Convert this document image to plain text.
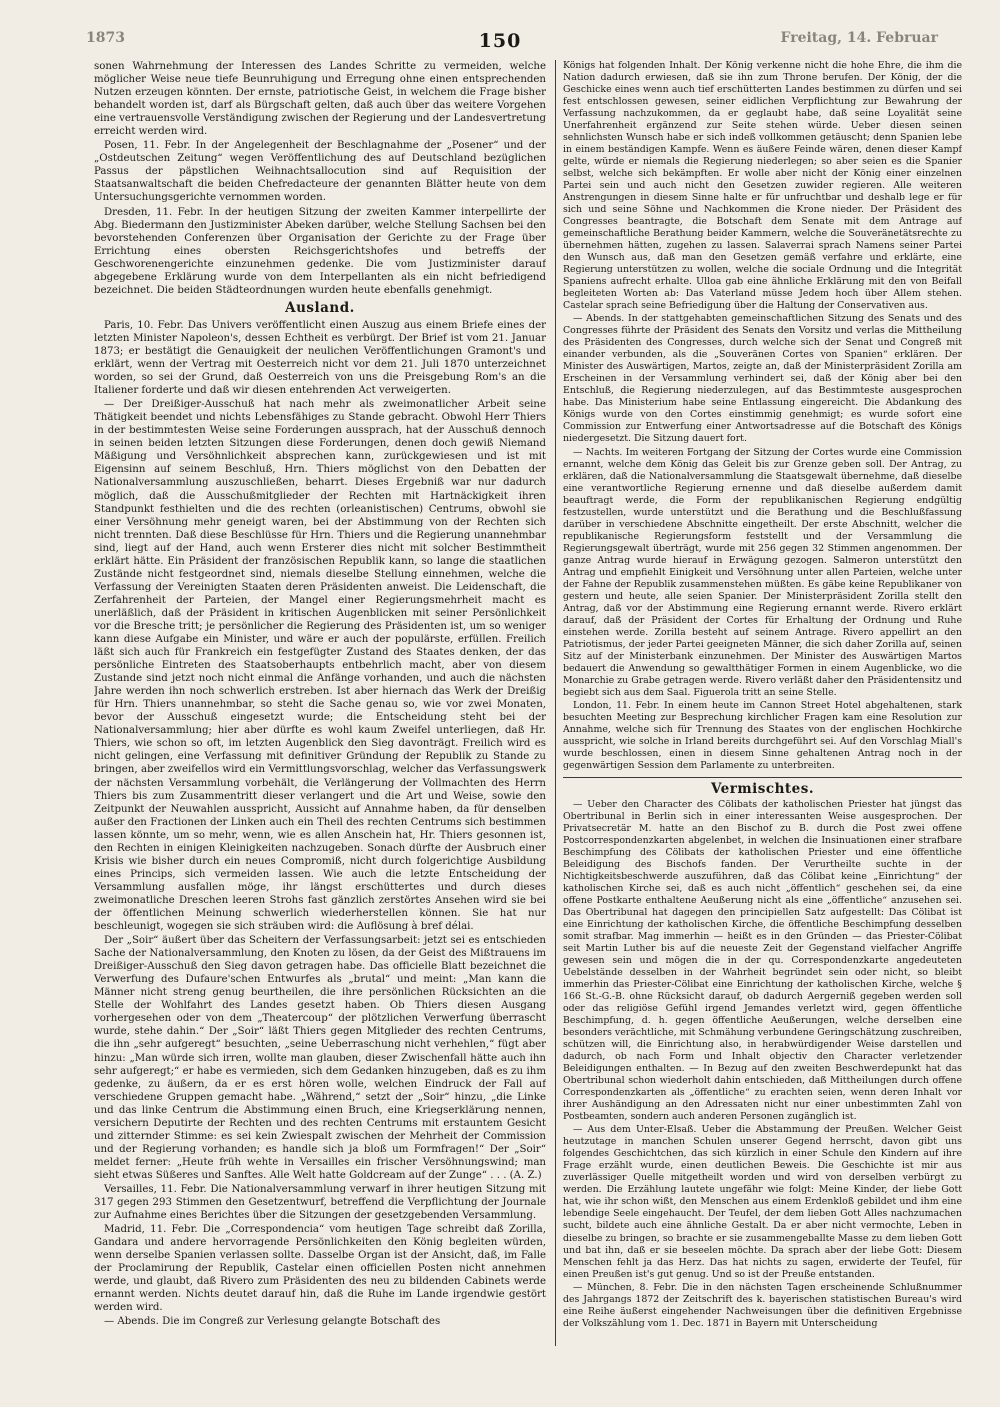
1873	150	Freitag, 14. Februar

sonen Wahrnehmung der Interessen des Landes Schritte zu vermeiden, welche möglicher Weise neue tiefe Beunruhigung und Erregung ohne einen entsprechenden Nutzen erzeugen könnten. Der ernste, patriotische Geist, in welchem die Frage bisher behandelt worden ist, darf als Bürgschaft gelten, daß auch über das weitere Vorgehen eine vertrauensvolle Verständigung zwischen der Regierung und der Landesvertretung erreicht werden wird.

Posen, 11. Febr. In der Angelegenheit der Beschlagnahme der „Posener“ und der „Ostdeutschen Zeitung“ wegen Veröffentlichung des auf Deutschland bezüglichen Passus der päpstlichen Weihnachtsallocution sind auf Requisition der Staatsanwaltschaft die beiden Chefredacteure der genannten Blätter heute von dem Untersuchungsgerichte vernommen worden.

Dresden, 11. Febr. In der heutigen Sitzung der zweiten Kammer interpellirte der Abg. Biedermann den Justizminister Abeken darüber, welche Stellung Sachsen bei den bevorstehenden Conferenzen über Organisation der Gerichte zu der Frage über Errichtung eines obersten Reichsgerichtshofes und betreffs der Geschworenengerichte einzunehmen gedenke. Die vom Justizminister darauf abgegebene Erklärung wurde von dem Interpellanten als ein nicht befriedigend bezeichnet. Die beiden Städteordnungen wurden heute ebenfalls genehmigt.

Ausland.

Paris, 10. Febr. Das Univers veröffentlicht einen Auszug aus einem Briefe eines der letzten Minister Napoleon's, dessen Echtheit es verbürgt. Der Brief ist vom 21. Januar 1873; er bestätigt die Genauigkeit der neulichen Veröffentlichungen Gramont's und erklärt, wenn der Vertrag mit Oesterreich nicht vor dem 21. Juli 1870 unterzeichnet worden, so sei der Grund, daß Oesterreich von uns die Preisgebung Rom's an die Italiener forderte und daß wir diesen entehrenden Act verweigerten.

— Der Dreißiger-Ausschuß hat nach mehr als zweimonatlicher Arbeit seine Thätigkeit beendet und nichts Lebensfähiges zu Stande gebracht. Obwohl Herr Thiers in der bestimmtesten Weise seine Forderungen aussprach, hat der Ausschuß dennoch in seinen beiden letzten Sitzungen diese Forderungen, denen doch gewiß Niemand Mäßigung und Versöhnlichkeit absprechen kann, zurückgewiesen und ist mit Eigensinn auf seinem Beschluß, Hrn. Thiers möglichst von den Debatten der Nationalversammlung auszuschließen, beharrt. Dieses Ergebniß war nur dadurch möglich, daß die Ausschußmitglieder der Rechten mit Hartnäckigkeit ihren Standpunkt festhielten und die des rechten (orleanistischen) Centrums, obwohl sie einer Versöhnung mehr geneigt waren, bei der Abstimmung von der Rechten sich nicht trennten. Daß diese Beschlüsse für Hrn. Thiers und die Regierung unannehmbar sind, liegt auf der Hand, auch wenn Ersterer dies nicht mit solcher Bestimmtheit erklärt hätte. Ein Präsident der französischen Republik kann, so lange die staatlichen Zustände nicht festgeordnet sind, niemals dieselbe Stellung einnehmen, welche die Verfassung der Vereinigten Staaten deren Präsidenten anweist. Die Leidenschaft, die Zerfahrenheit der Parteien, der Mangel einer Regierungsmehrheit macht es unerläßlich, daß der Präsident in kritischen Augenblicken mit seiner Persönlichkeit vor die Bresche tritt; je persönlicher die Regierung des Präsidenten ist, um so weniger kann diese Aufgabe ein Minister, und wäre er auch der populärste, erfüllen. Freilich läßt sich auch für Frankreich ein festgefügter Zustand des Staates denken, der das persönliche Eintreten des Staatsoberhaupts entbehrlich macht, aber von diesem Zustande sind jetzt noch nicht einmal die Anfänge vorhanden, und auch die nächsten Jahre werden ihn noch schwerlich erstreben. Ist aber hiernach das Werk der Dreißig für Hrn. Thiers unannehmbar, so steht die Sache genau so, wie vor zwei Monaten, bevor der Ausschuß eingesetzt wurde; die Entscheidung steht bei der Nationalversammlung; hier aber dürfte es wohl kaum Zweifel unterliegen, daß Hr. Thiers, wie schon so oft, im letzten Augenblick den Sieg davonträgt. Freilich wird es nicht gelingen, eine Verfassung mit definitiver Gründung der Republik zu Stande zu bringen, aber zweifellos wird ein Vermittlungsvorschlag, welcher das Verfassungswerk der nächsten Versammlung vorbehält, die Verlängerung der Vollmachten des Herrn Thiers bis zum Zusammentritt dieser verlangert und die Art und Weise, sowie den Zeitpunkt der Neuwahlen ausspricht, Aussicht auf Annahme haben, da für denselben außer den Fractionen der Linken auch ein Theil des rechten Centrums sich bestimmen lassen könnte, um so mehr, wenn, wie es allen Anschein hat, Hr. Thiers gesonnen ist, den Rechten in einigen Kleinigkeiten nachzugeben. Sonach dürfte der Ausbruch einer Krisis wie bisher durch ein neues Compromiß, nicht durch folgerichtige Ausbildung eines Princips, sich vermeiden lassen. Wie auch die letzte Entscheidung der Versammlung ausfallen möge, ihr längst erschüttertes und durch dieses zweimonatliche Dreschen leeren Strohs fast gänzlich zerstörtes Ansehen wird sie bei der öffentlichen Meinung schwerlich wiederherstellen können. Sie hat nur beschleunigt, wogegen sie sich sträuben wird: die Auflösung à bref délai.

Der „Soir“ äußert über das Scheitern der Verfassungsarbeit: jetzt sei es entschieden Sache der Nationalversammlung, den Knoten zu lösen, da der Geist des Mißtrauens im Dreißiger-Ausschuß den Sieg davon getragen habe. Das officielle Blatt bezeichnet die Verwerfung des Dufaure'schen Entwurfes als „brutal“ und meint: „Man kann die Männer nicht streng genug beurtheilen, die ihre persönlichen Rücksichten an die Stelle der Wohlfahrt des Landes gesetzt haben. Ob Thiers diesen Ausgang vorhergesehen oder von dem „Theatercoup“ der plötzlichen Verwerfung überrascht wurde, stehe dahin.“ Der „Soir“ läßt Thiers gegen Mitglieder des rechten Centrums, die ihn „sehr aufgeregt“ besuchten, „seine Ueberraschung nicht verhehlen,“ fügt aber hinzu: „Man würde sich irren, wollte man glauben, dieser Zwischenfall hätte auch ihn sehr aufgeregt;“ er habe es vermieden, sich dem Gedanken hinzugeben, daß es zu ihm gedenke, zu äußern, da er es erst hören wolle, welchen Eindruck der Fall auf verschiedene Gruppen gemacht habe. „Während,“ setzt der „Soir“ hinzu, „die Linke und das linke Centrum die Abstimmung einen Bruch, eine Kriegserklärung nennen, versichern Deputirte der Rechten und des rechten Centrums mit erstauntem Gesicht und zitternder Stimme: es sei kein Zwiespalt zwischen der Mehrheit der Commission und der Regierung vorhanden; es handle sich ja bloß um Formfragen!“ Der „Soir“ meldet ferner: „Heute früh wehte in Versailles ein frischer Versöhnungswind; man sieht etwas Süßeres und Sanftes. Alle Welt hatte Goldcream auf der Zunge“ . . . (A. Z.)

Versailles, 11. Febr. Die Nationalversammlung verwarf in ihrer heutigen Sitzung mit 317 gegen 293 Stimmen den Gesetzentwurf, betreffend die Verpflichtung der Journale zur Aufnahme eines Berichtes über die Sitzungen der gesetzgebenden Versammlung.

Madrid, 11. Febr. Die „Correspondencia“ vom heutigen Tage schreibt daß Zorilla, Gandara und andere hervorragende Persönlichkeiten den König begleiten würden, wenn derselbe Spanien verlassen sollte. Dasselbe Organ ist der Ansicht, daß, im Falle der Proclamirung der Republik, Castelar einen officiellen Posten nicht annehmen werde, und glaubt, daß Rivero zum Präsidenten des neu zu bildenden Cabinets werde ernannt werden. Nichts deutet darauf hin, daß die Ruhe im Lande irgendwie gestört werden wird.

— Abends. Die im Congreß zur Verlesung gelangte Botschaft des

Königs hat folgenden Inhalt. Der König verkenne nicht die hohe Ehre, die ihm die Nation dadurch erwiesen, daß sie ihn zum Throne berufen. Der König, der die Geschicke eines wenn auch tief erschütterten Landes bestimmen zu dürfen und sei fest entschlossen gewesen, seiner eidlichen Verpflichtung zur Bewahrung der Verfassung nachzukommen, da er geglaubt habe, daß seine Loyalität seine Unerfahrenheit ergänzend zur Seite stehen würde. Ueber diesen seinen sehnlichsten Wunsch habe er sich indeß vollkommen getäuscht; denn Spanien lebe in einem beständigen Kampfe. Wenn es äußere Feinde wären, denen dieser Kampf gelte, würde er niemals die Regierung niederlegen; so aber seien es die Spanier selbst, welche sich bekämpften. Er wolle aber nicht der König einer einzelnen Partei sein und auch nicht den Gesetzen zuwider regieren. Alle weiteren Anstrengungen in diesem Sinne halte er für unfruchtbar und deshalb lege er für sich und seine Söhne und Nachkommen die Krone nieder. Der Präsident des Congresses beantragte, die Botschaft dem Senate mit dem Antrage auf gemeinschaftliche Berathung beider Kammern, welche die Souveränetätsrechte zu übernehmen hätten, zugehen zu lassen. Salaverrai sprach Namens seiner Partei den Wunsch aus, daß man den Gesetzen gemäß verfahre und erklärte, eine Regierung unterstützen zu wollen, welche die sociale Ordnung und die Integrität Spaniens aufrecht erhalte. Ulloa gab eine ähnliche Erklärung mit den von Beifall begleiteten Worten ab: Das Vaterland müsse Jedem hoch über Allem stehen. Castelar sprach seine Befriedigung über die Haltung der Conservativen aus.

— Abends. In der stattgehabten gemeinschaftlichen Sitzung des Senats und des Congresses führte der Präsident des Senats den Vorsitz und verlas die Mittheilung des Präsidenten des Congresses, durch welche sich der Senat und Congreß mit einander verbunden, als die „Souveränen Cortes von Spanien“ erklären. Der Minister des Auswärtigen, Martos, zeigte an, daß der Ministerpräsident Zorilla am Erscheinen in der Versammlung verhindert sei, daß der König aber bei den Entschluß, die Regierung niederzulegen, auf das Bestimmteste ausgesprochen habe. Das Ministerium habe seine Entlassung eingereicht. Die Abdankung des Königs wurde von den Cortes einstimmig genehmigt; es wurde sofort eine Commission zur Entwerfung einer Antwortsadresse auf die Botschaft des Königs niedergesetzt. Die Sitzung dauert fort.

— Nachts. Im weiteren Fortgang der Sitzung der Cortes wurde eine Commission ernannt, welche dem König das Geleit bis zur Grenze geben soll. Der Antrag, zu erklären, daß die Nationalversammlung die Staatsgewalt übernehme, daß dieselbe eine verantwortliche Regierung ernenne und daß dieselbe außerdem damit beauftragt werde, die Form der republikanischen Regierung endgültig festzustellen, wurde unterstützt und die Berathung und die Beschlußfassung darüber in verschiedene Abschnitte eingetheilt. Der erste Abschnitt, welcher die republikanische Regierungsform feststellt und der Versammlung die Regierungsgewalt überträgt, wurde mit 256 gegen 32 Stimmen angenommen. Der ganze Antrag wurde hierauf in Erwägung gezogen. Salmeron unterstützt den Antrag und empfiehlt Einigkeit und Versöhnung unter allen Parteien, welche unter der Fahne der Republik zusammenstehen müßten. Es gäbe keine Republikaner von gestern und heute, alle seien Spanier. Der Ministerpräsident Zorilla stellt den Antrag, daß vor der Abstimmung eine Regierung ernannt werde. Rivero erklärt darauf, daß der Präsident der Cortes für Erhaltung der Ordnung und Ruhe einstehen werde. Zorilla besteht auf seinem Antrage. Rivero appellirt an den Patriotismus, der jeder Partei geeigneten Männer, die sich daher Zorilla auf, seinen Sitz auf der Ministerbank einzunehmen. Der Minister des Auswärtigen Martos bedauert die Anwendung so gewaltthätiger Formen in einem Augenblicke, wo die Monarchie zu Grabe getragen werde. Rivero verläßt daher den Präsidentensitz und begiebt sich aus dem Saal. Figuerola tritt an seine Stelle.

London, 11. Febr. In einem heute im Cannon Street Hotel abgehaltenen, stark besuchten Meeting zur Besprechung kirchlicher Fragen kam eine Resolution zur Annahme, welche sich für Trennung des Staates von der englischen Hochkirche ausspricht, wie solche in Irland bereits durchgeführt sei. Auf den Vorschlag Miall's wurde beschlossen, einen in diesem Sinne gehaltenen Antrag noch in der gegenwärtigen Session dem Parlamente zu unterbreiten.

Vermischtes.

— Ueber den Character des Cölibats der katholischen Priester hat jüngst das Obertribunal in Berlin sich in einer interessanten Weise ausgesprochen. Der Privatsecretär M. hatte an den Bischof zu B. durch die Post zwei offene Postcorrespondenzkarten abgelenbet, in welchen die Insinuationen einer strafbare Beschimpfung des Cölibats der katholischen Priester und eine öffentliche Beleidigung des Bischofs fanden. Der Verurtheilte suchte in der Nichtigkeitsbeschwerde auszuführen, daß das Cölibat keine „Einrichtung“ der katholischen Kirche sei, daß es auch nicht „öffentlich“ geschehen sei, da eine offene Postkarte enthaltene Aeußerung nicht als eine „öffentliche“ anzusehen sei. Das Obertribunal hat dagegen den principiellen Satz aufgestellt: Das Cölibat ist eine Einrichtung der katholischen Kirche, die öffentliche Beschimpfung desselben somit strafbar. Mag immerhin — heißt es in den Gründen — das Priester-Cölibat seit Martin Luther bis auf die neueste Zeit der Gegenstand vielfacher Angriffe gewesen sein und mögen die in der qu. Correspondenzkarte angedeuteten Uebelstände desselben in der Wahrheit begründet sein oder nicht, so bleibt immerhin das Priester-Cölibat eine Einrichtung der katholischen Kirche, welche § 166 St.-G.-B. ohne Rücksicht darauf, ob dadurch Aergerniß gegeben werden soll oder das religiöse Gefühl irgend Jemandes verletzt wird, gegen öffentliche Beschimpfung, d. h. gegen öffentliche Aeußerungen, welche derselben eine besonders verächtliche, mit Schmähung verbundene Geringschätzung zuschreiben, schützen will, die Einrichtung also, in herabwürdigender Weise darstellen und dadurch, ob nach Form und Inhalt objectiv den Character verletzender Beleidigungen enthalten. — In Bezug auf den zweiten Beschwerdepunkt hat das Obertribunal schon wiederholt dahin entschieden, daß Mittheilungen durch offene Correspondenzkarten als „öffentliche“ zu erachten seien, wenn deren Inhalt vor ihrer Aushändigung an den Adressaten nicht nur einer unbestimmten Zahl von Postbeamten, sondern auch anderen Personen zugänglich ist.

— Aus dem Unter-Elsaß. Ueber die Abstammung der Preußen. Welcher Geist heutzutage in manchen Schulen unserer Gegend herrscht, davon gibt uns folgendes Geschichtchen, das sich kürzlich in einer Schule den Kindern auf ihre Frage erzählt wurde, einen deutlichen Beweis. Die Geschichte ist mir aus zuverlässiger Quelle mitgetheilt worden und wird von derselben verbürgt zu werden. Die Erzählung lautete ungefähr wie folgt: Meine Kinder, der liebe Gott hat, wie ihr schon wißt, den Menschen aus einem Erdenkloß gebildet und ihm eine lebendige Seele eingehaucht. Der Teufel, der dem lieben Gott Alles nachzumachen sucht, bildete auch eine ähnliche Gestalt. Da er aber nicht vermochte, Leben in dieselbe zu bringen, so brachte er sie zusammengeballte Masse zu dem lieben Gott und bat ihn, daß er sie beseelen möchte. Da sprach aber der liebe Gott: Diesem Menschen fehlt ja das Herz. Das hat nichts zu sagen, erwiderte der Teufel, für einen Preußen ist's gut genug. Und so ist der Preuße entstanden.

— München, 8. Febr. Die in den nächsten Tagen erscheinende Schlußnummer des Jahrgangs 1872 der Zeitschrift des k. bayerischen statistischen Bureau's wird eine Reihe äußerst eingehender Nachweisungen über die definitiven Ergebnisse der Volkszählung vom 1. Dec. 1871 in Bayern mit Unterscheidung
